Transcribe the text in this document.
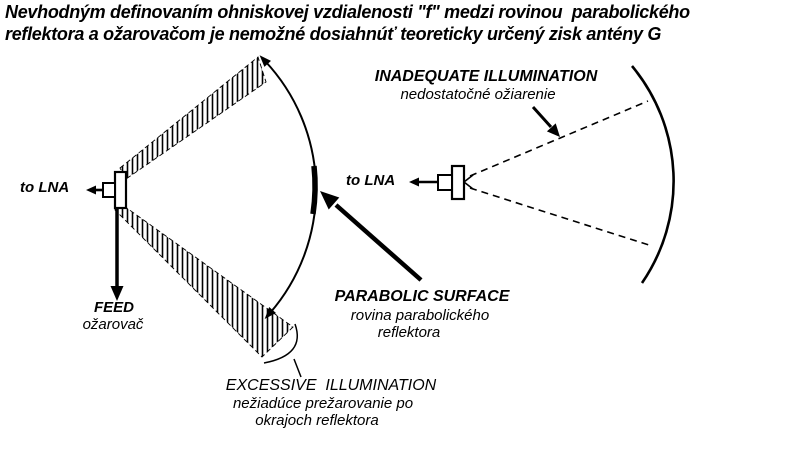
Nevhodným definovaním ohniskovej vzdialenosti "f" medzi rovinou  parabolického
reflektora a ožarovačom je nemožné dosiahnúť teoreticky určený zisk antény G
to LNA
FEED
ožarovač
PARABOLIC SURFACE
rovina parabolického
reflektora
EXCESSIVE  ILLUMINATION
nežiadúce prežarovanie po
okrajoch reflektora
INADEQUATE ILLUMINATION
nedostatočné ožiarenie
to LNA
